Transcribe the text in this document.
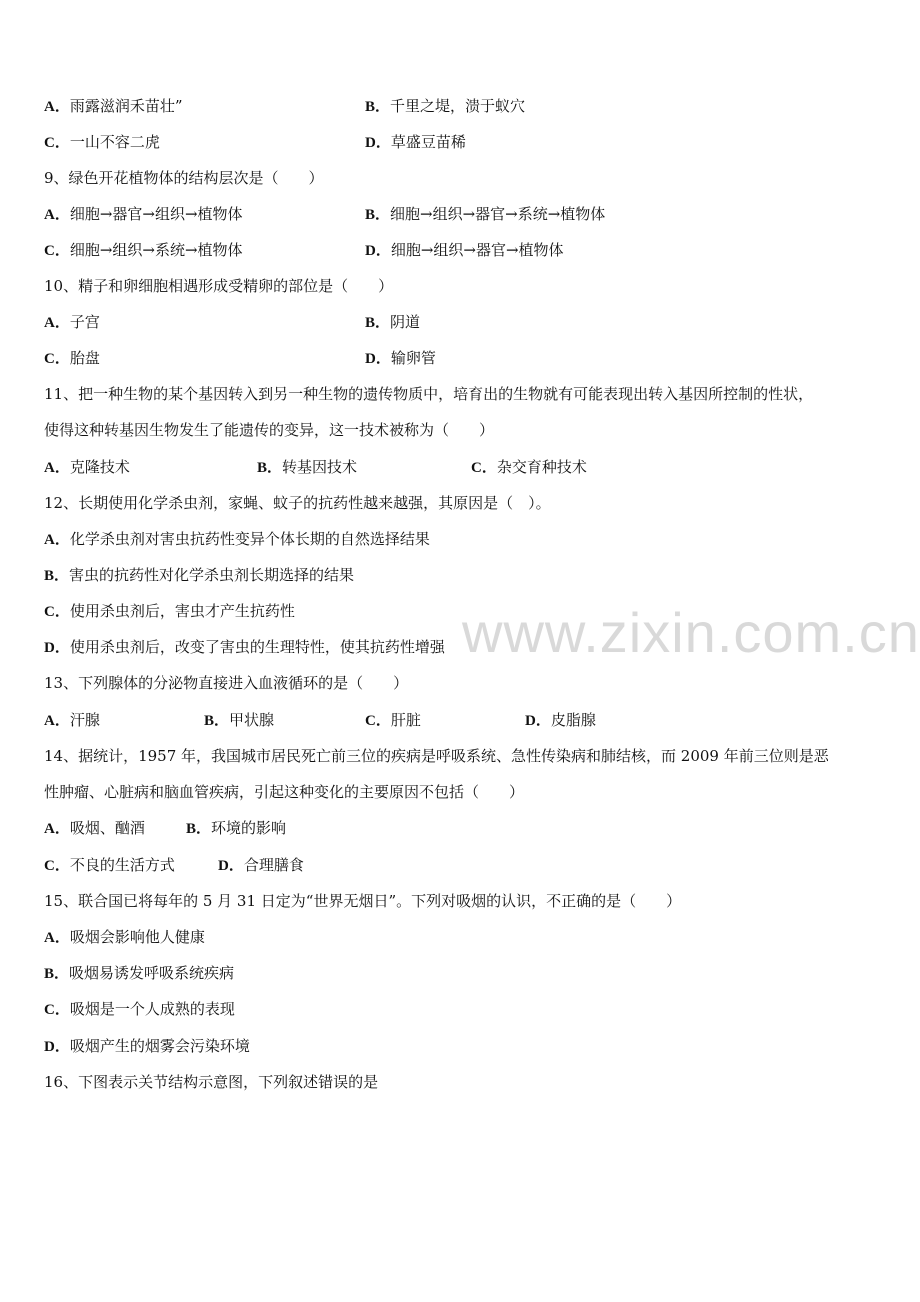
A．雨露滋润禾苗壮”	B．千里之堤，溃于蚁穴
C．一山不容二虎	D．草盛豆苗稀
9、绿色开花植物体的结构层次是（　　）
A．细胞→器官→组织→植物体	B．细胞→组织→器官→系统→植物体
C．细胞→组织→系统→植物体	D．细胞→组织→器官→植物体
10、精子和卵细胞相遇形成受精卵的部位是（　　）
A．子宫	B．阴道
C．胎盘	D．输卵管
11、把一种生物的某个基因转入到另一种生物的遗传物质中，培育出的生物就有可能表现出转入基因所控制的性状，
使得这种转基因生物发生了能遗传的变异，这一技术被称为（　　）
A．克隆技术	B．转基因技术	C．杂交育种技术
12、长期使用化学杀虫剂，家蝇、蚊子的抗药性越来越强，其原因是（　）。
A．化学杀虫剂对害虫抗药性变异个体长期的自然选择结果
B．害虫的抗药性对化学杀虫剂长期选择的结果
C．使用杀虫剂后，害虫才产生抗药性
D．使用杀虫剂后，改变了害虫的生理特性，使其抗药性增强
13、下列腺体的分泌物直接进入血液循环的是（　　）
A．汗腺	B．甲状腺	C．肝脏	D．皮脂腺
14、据统计，1957 年，我国城市居民死亡前三位的疾病是呼吸系统、急性传染病和肺结核，而 2009 年前三位则是恶
性肿瘤、心脏病和脑血管疾病，引起这种变化的主要原因不包括（　　）
A．吸烟、酗酒	B．环境的影响
C．不良的生活方式	D．合理膳食
15、联合国已将每年的 5 月 31 日定为“世界无烟日”。下列对吸烟的认识，不正确的是（　　）
A．吸烟会影响他人健康
B．吸烟易诱发呼吸系统疾病
C．吸烟是一个人成熟的表现
D．吸烟产生的烟雾会污染环境
16、下图表示关节结构示意图，下列叙述错误的是
www.zixin.com.cn
